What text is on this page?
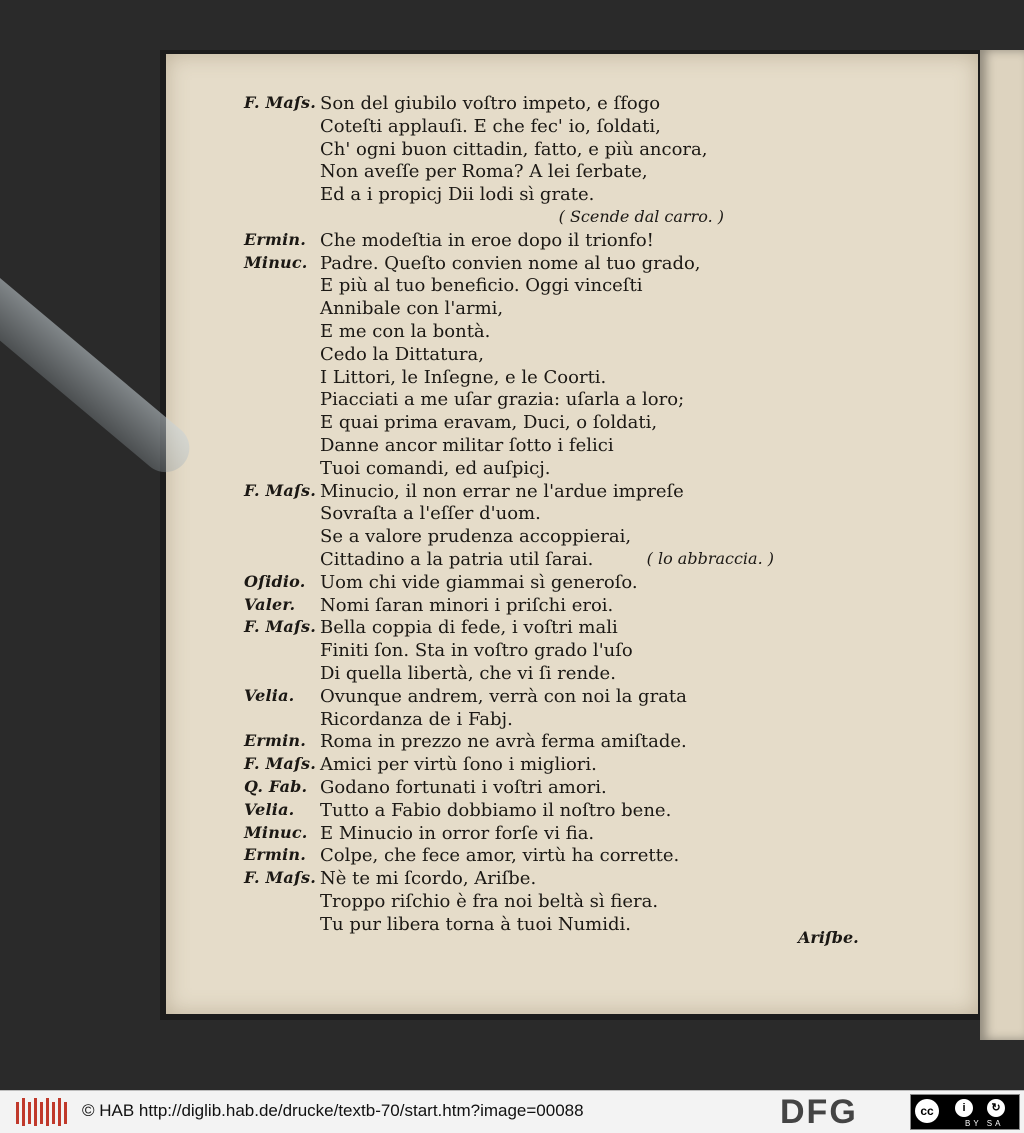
F. Maſs. Son del giubilo voſtro impeto, e ſfogo
Coteſti applauſi. E che fec' io, ſoldati,
Ch' ogni buon cittadin, fatto, e più ancora,
Non aveſſe per Roma? A lei ſerbate,
Ed a i propicj Dii lodi sì grate.
( Scende dal carro. )
Ermin. Che modeſtia in eroe dopo il trionfo!
Minuc. Padre. Queſto convien nome al tuo grado,
E più al tuo beneficio. Oggi vinceſti
Annibale con l'armi,
E me con la bontà.
Cedo la Dittatura,
I Littori, le Inſegne, e le Coorti.
Piacciati a me uſar grazia: uſarla a loro;
E quai prima eravam, Duci, o ſoldati,
Danne ancor militar ſotto i felici
Tuoi comandi, ed auſpicj.
F. Maſs. Minucio, il non errar ne l'ardue impreſe
Sovraſta a l'eſſer d'uom.
Se a valore prudenza accoppierai,
Cittadino a la patria util ſarai.	( lo abbraccia. )
Oſidio. Uom chi vide giammai sì generoſo.
Valer. Nomi ſaran minori i priſchi eroi.
F. Maſs. Bella coppia di fede, i voſtri mali
Finiti ſon. Sta in voſtro grado l'uſo
Di quella libertà, che vi ſi rende.
Velia. Ovunque andrem, verrà con noi la grata
Ricordanza de i Fabj.
Ermin. Roma in prezzo ne avrà ferma amiſtade.
F. Maſs. Amici per virtù ſono i migliori.
Q. Fab. Godano fortunati i voſtri amori.
Velia. Tutto a Fabio dobbiamo il noſtro bene.
Minuc. E Minucio in orror forſe vi fia.
Ermin. Colpe, che fece amor, virtù ha corrette.
F. Maſs. Nè te mi ſcordo, Ariſbe.
Troppo riſchio è fra noi beltà sì fiera.
Tu pur libera torna à tuoi Numidi.
Ariſbe.
© HAB http://diglib.hab.de/drucke/textb-70/start.htm?image=00088	DFG	cc	i	↻
BY SA
